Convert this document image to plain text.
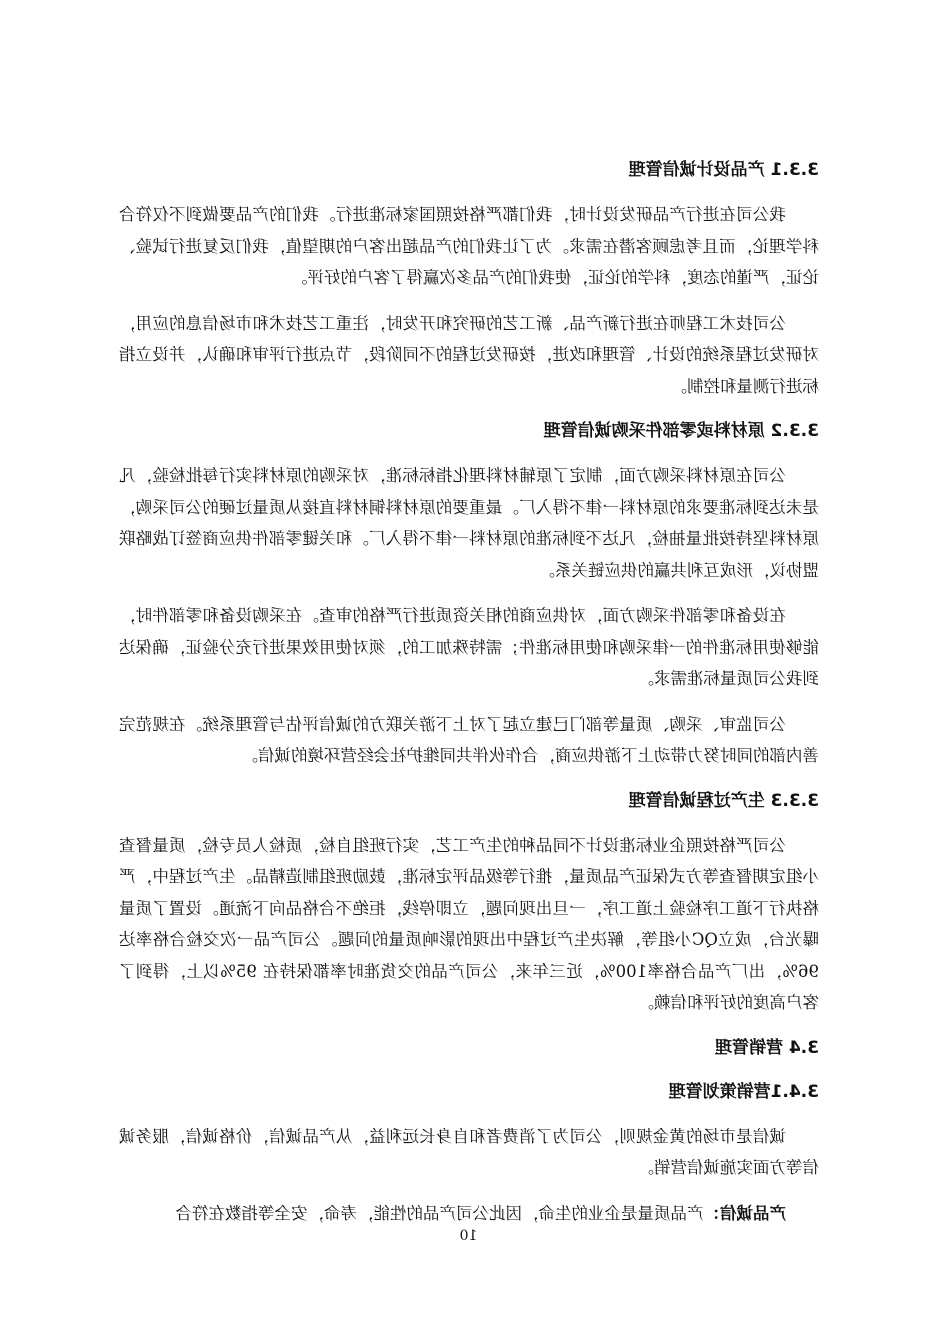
3.3.1 产品设计诚信管理

我公司在进行产品研发设计时，我们都严格按照国家标准进行。我们的产品要做到不仅符合科学理论，而且考虑顾客潜在需求。为了让我们的产品超出客户的期望值，我们反复进行试验、论证，严谨的态度，科学的论证，使我们的产品多次赢得了客户的好评。

公司技术工程师在进行新产品、新工艺的研究和开发时，注重工艺技术和市场信息的应用，对研发过程系统的设计、管理和改进，按研发过程的不同阶段，节点进行评审和确认，并设立指标进行测量和控制。

3.3.2 原材料或零部件采购诚信管理

公司在原材料采购方面，制定了原辅材料理化指标标准，对采购的原材料实行每批检验，凡是未达到标准要求的原材料一律不得入厂。最重要的原材料铜材料直接从质量过硬的公司采购，原材料坚持按批量抽检，凡达不到标准的原材料一律不得入厂。和关键零部件供应商签订战略联盟协议，形成互利共赢的供应链关系。

在设备和零部件采购方面，对供应商的相关资质进行严格的审查。在采购设备和零部件时，能够使用标准件的一律采购和使用标准件；需特殊加工的，须对使用效果进行充分验证，确保达到我公司质量标准需求。

公司监审、采购、质量等部门已建立起了对上下游关联方的诚信评估与管理系统。在规范完善内部的同时努力带动上下游供应商，合作伙伴共同维护社会经营环境的诚信。

3.3.3 生产过程诚信管理

公司严格按照企业标准设计不同品种的生产工艺，实行班组自检，质检人员专检，质量督查小组定期督查等方式保证产品质量，推行等级品评定标准，鼓励班组制造精品。生产过程中，严格执行下道工序检验上道工序，一旦出现问题，立即停线，拒绝不合格品向下流通。设置了质量曝光台，成立QC小组等，解决生产过程中出现的影响质量的问题。公司产品一次交检合格率达96%，出厂产品合格率100%，近三年来，公司产品的交货准时率都保持在 95%以上，得到了客户高度的好评和信赖。

3.4 营销管理
3.4.1营销策划管理

诚信是市场的黄金规则，公司为了消费者和自身长远利益，从产品诚信，价格诚信，服务诚信等方面实施诚信营销。

产品诚信：产品质量是企业的生命，因此公司产品的性能，寿命，安全等指数在符合

10
